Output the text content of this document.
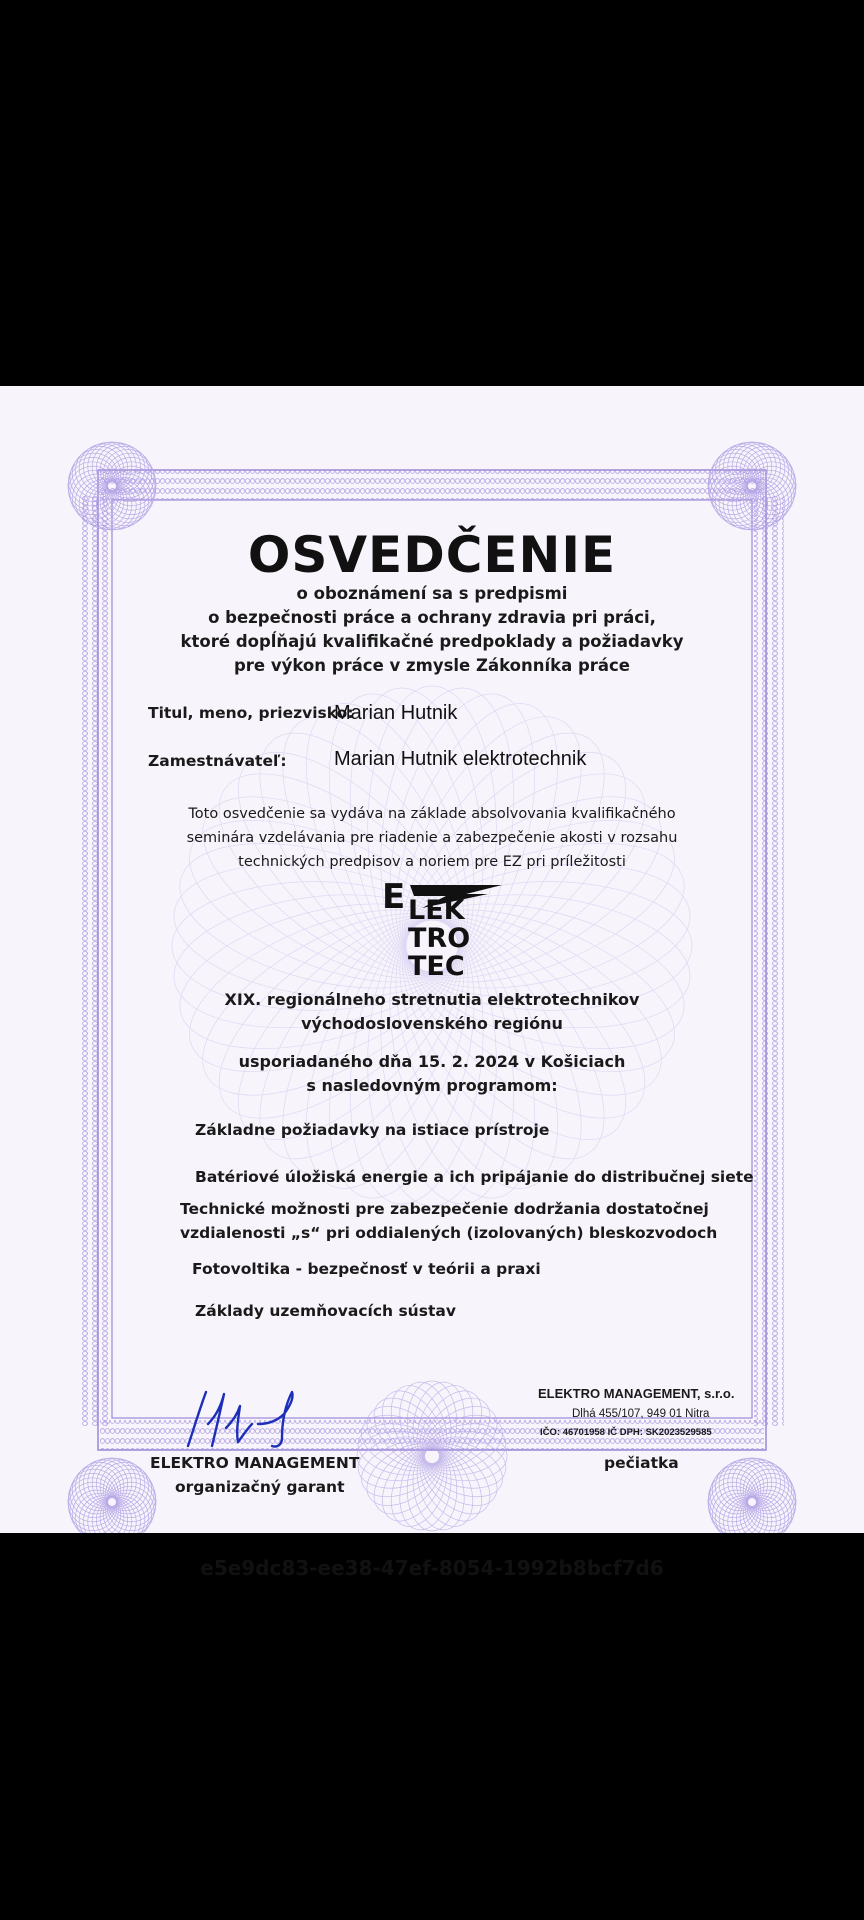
OSVEDČENIE
o oboznámení sa s predpismi
o bezpečnosti práce a ochrany zdravia pri práci,
ktoré dopĺňajú kvalifikačné predpoklady a požiadavky
pre výkon práce v zmysle Zákonníka práce
Titul, meno, priezvisko:
Marian Hutnik
Zamestnávateľ: Marian Hutnik elektrotechnik
Toto osvedčenie sa vydáva na základe absolvovania kvalifikačného
seminára vzdelávania pre riadenie a zabezpečenie akosti v rozsahu
technických predpisov a noriem pre EZ pri príležitosti
E LEK
TRO
TEC
XIX. regionálneho stretnutia elektrotechnikov
východoslovenského regiónu
usporiadaného dňa 15. 2. 2024 v Košiciach
s nasledovným programom:
Základne požiadavky na istiace prístroje
Batériové úložiská energie a ich pripájanie do distribučnej siete
Technické možnosti pre zabezpečenie dodržania dostatočnej
vzdialenosti „s“ pri oddialených (izolovaných) bleskozvodoch
Fotovoltika - bezpečnosť v teórii a praxi
Základy uzemňovacích sústav
ELEKTRO MANAGEMENT
organizačný garant
ELEKTRO MANAGEMENT, s.r.o.
Dlhá 455/107, 949 01 Nitra
IČO: 46701958 IČ DPH: SK2023529585
pečiatka
e5e9dc83-ee38-47ef-8054-1992b8bcf7d6
